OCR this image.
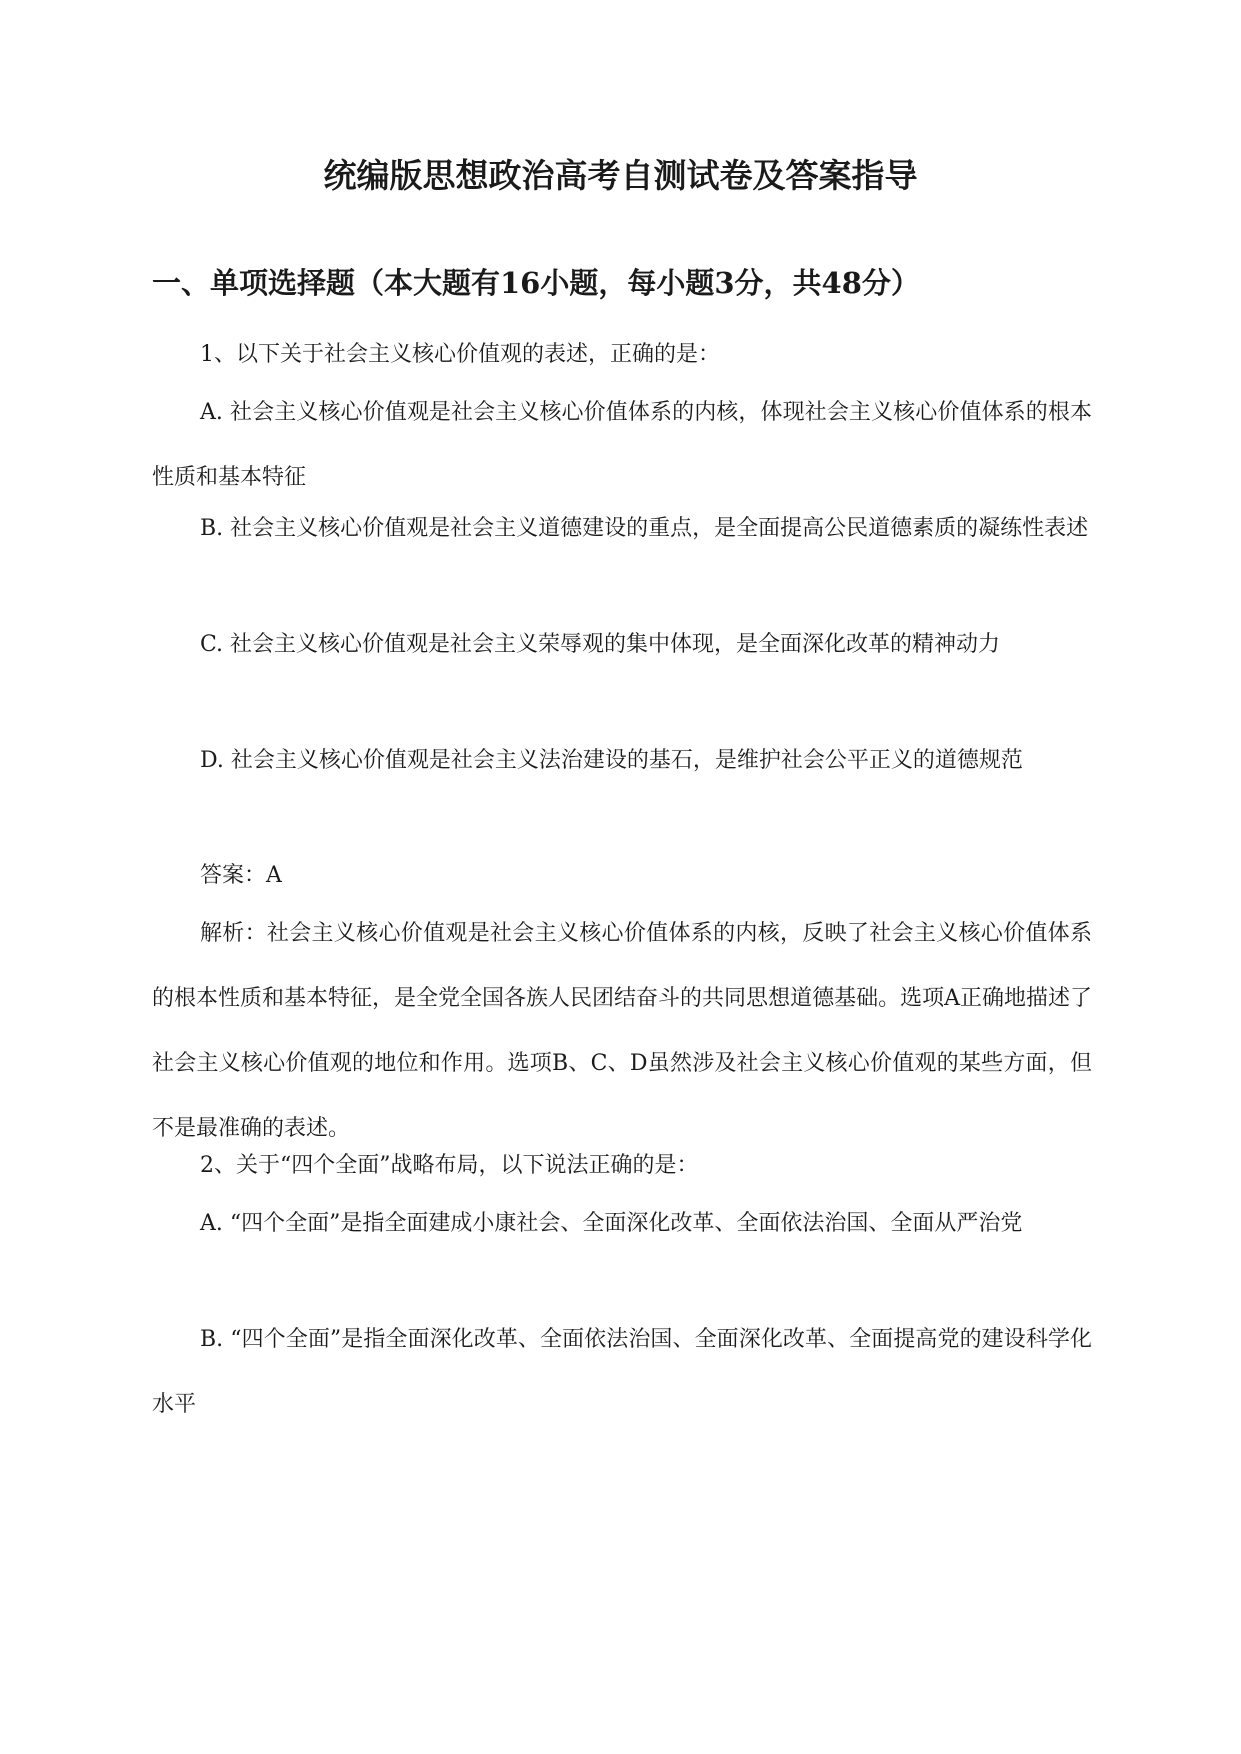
统编版思想政治高考自测试卷及答案指导
一、单项选择题（本大题有16小题，每小题3分，共48分）

1、以下关于社会主义核心价值观的表述，正确的是：

A. 社会主义核心价值观是社会主义核心价值体系的内核，体现社会主义核心价值体系的根本性质和基本特征

B. 社会主义核心价值观是社会主义道德建设的重点，是全面提高公民道德素质的凝练性表述

C. 社会主义核心价值观是社会主义荣辱观的集中体现，是全面深化改革的精神动力

D. 社会主义核心价值观是社会主义法治建设的基石，是维护社会公平正义的道德规范

答案：A

解析：社会主义核心价值观是社会主义核心价值体系的内核，反映了社会主义核心价值体系的根本性质和基本特征，是全党全国各族人民团结奋斗的共同思想道德基础。选项A正确地描述了社会主义核心价值观的地位和作用。选项B、C、D虽然涉及社会主义核心价值观的某些方面，但不是最准确的表述。

2、关于“四个全面”战略布局，以下说法正确的是：

A. “四个全面”是指全面建成小康社会、全面深化改革、全面依法治国、全面从严治党

B. “四个全面”是指全面深化改革、全面依法治国、全面深化改革、全面提高党的建设科学化水平
